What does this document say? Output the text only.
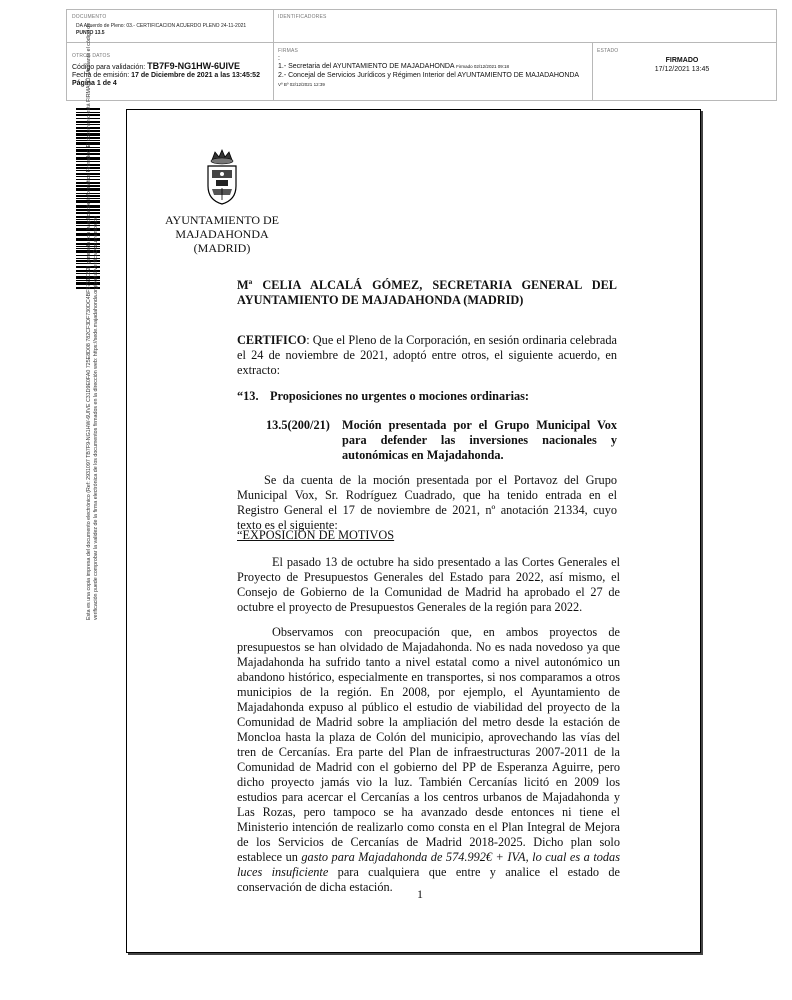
DOCUMENTO
DA Acuerdo de Pleno: 03.- CERTIFICACION ACUERDO PLENO 24-11-2021
PUNTO 13.5
IDENTIFICADORES
OTROS DATOS
Código para validación: TB7F9-NG1HW-6UIVE
Fecha de emisión: 17 de Diciembre de 2021 a las 13:45:52
Página 1 de 4
FIRMAS
:
1.- Secretaria del AYUNTAMIENTO DE MAJADAHONDA Firmado 02/12/2021 09:18
2.- Concejal de Servicios Jurídicos y Régimen Interior del AYUNTAMIENTO DE MAJADAHONDA
Vº Bº 02/12/2021 12:39
ESTADO
FIRMADO
17/12/2021 13:45
Esta es una copia impresa del documento electrónico (Ref: 2931097 TB7F9-NG1HW-6UIVE C31D9E0FA0 725E8D08 782CF3DF730DC4BF5751CB2) generada con la aplicación informática Firmadoc. El documento está FIRMADO. Mediante el código de verificación puede comprobar la validez de la firma electrónica de los documentos firmados en la dirección web: https://sede.majadahonda.org/portal/verificaDocumentos.do	AYUNTAMIENTO DE
MAJADAHONDA
(MADRID)
Mª CELIA ALCALÁ GÓMEZ, SECRETARIA GENERAL DEL
AYUNTAMIENTO DE MAJADAHONDA (MADRID)
CERTIFICO: Que el Pleno de la Corporación, en sesión ordinaria celebrada el 24 de noviembre de 2021, adoptó entre otros, el siguiente acuerdo, en extracto:
“13. Proposiciones no urgentes o mociones ordinarias:
13.5(200/21) Moción presentada por el Grupo Municipal Vox para defender las inversiones nacionales y autonómicas en Majadahonda.
Se da cuenta de la moción presentada por el Portavoz del Grupo Municipal Vox, Sr. Rodríguez Cuadrado, que ha tenido entrada en el Registro General el 17 de noviembre de 2021, nº anotación 21334, cuyo texto es el siguiente:
“EXPOSICIÓN DE MOTIVOS
El pasado 13 de octubre ha sido presentado a las Cortes Generales el Proyecto de Presupuestos Generales del Estado para 2022, así mismo, el Consejo de Gobierno de la Comunidad de Madrid ha aprobado el 27 de octubre el proyecto de Presupuestos Generales de la región para 2022.
Observamos con preocupación que, en ambos proyectos de presupuestos se han olvidado de Majadahonda. No es nada novedoso ya que Majadahonda ha sufrido tanto a nivel estatal como a nivel autonómico un abandono histórico, especialmente en transportes, si nos comparamos a otros municipios de la región. En 2008, por ejemplo, el Ayuntamiento de Majadahonda expuso al público el estudio de viabilidad del proyecto de la Comunidad de Madrid sobre la ampliación del metro desde la estación de Moncloa hasta la plaza de Colón del municipio, aprovechando las vías del tren de Cercanías. Era parte del Plan de infraestructuras 2007-2011 de la Comunidad de Madrid con el gobierno del PP de Esperanza Aguirre, pero dicho proyecto jamás vio la luz. También Cercanías licitó en 2009 los estudios para acercar el Cercanías a los centros urbanos de Majadahonda y Las Rozas, pero tampoco se ha avanzado desde entonces ni tiene el Ministerio intención de realizarlo como consta en el Plan Integral de Mejora de los Servicios de Cercanías de Madrid 2018-2025. Dicho plan solo establece un gasto para Majadahonda de 574.992€ + IVA, lo cual es a todas luces insuficiente para cualquiera que entre y analice el estado de conservación de dicha estación.	1
